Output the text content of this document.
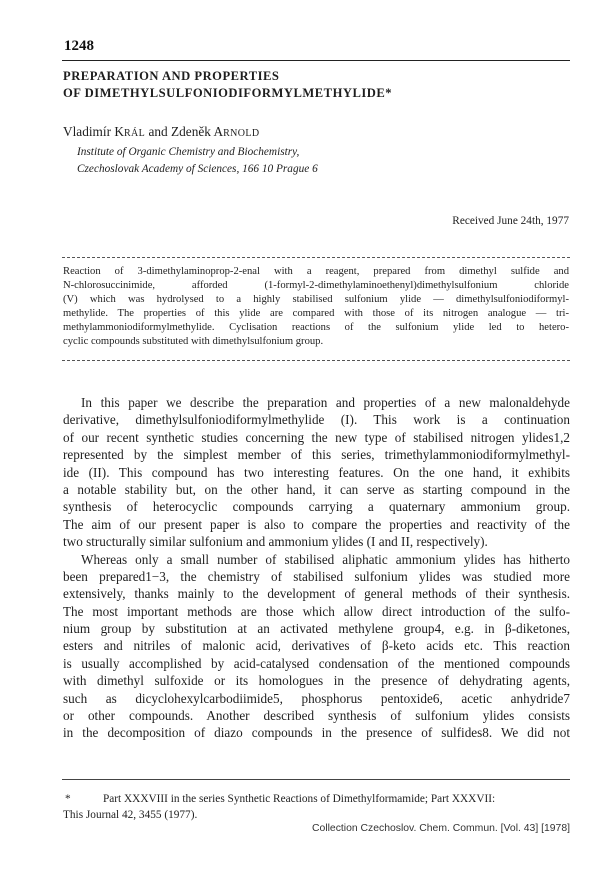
1248
PREPARATION AND PROPERTIES
OF DIMETHYLSULFONIODIFORMYLMETHYLIDE*
Vladimír KRÁL and Zdeněk ARNOLD
Institute of Organic Chemistry and Biochemistry,
Czechoslovak Academy of Sciences, 166 10 Prague 6
Received June 24th, 1977
Reaction of 3-dimethylaminoprop-2-enal with a reagent, prepared from dimethyl sulfide and
N-chlorosuccinimide, afforded (1-formyl-2-dimethylaminoethenyl)dimethylsulfonium chloride
(V) which was hydrolysed to a highly stabilised sulfonium ylide — dimethylsulfoniodiformyl-
methylide. The properties of this ylide are compared with those of its nitrogen analogue — tri-
methylammoniodiformylmethylide. Cyclisation reactions of the sulfonium ylide led to hetero-
cyclic compounds substituted with dimethylsulfonium group.
In this paper we describe the preparation and properties of a new malonaldehyde
derivative, dimethylsulfoniodiformylmethylide (I). This work is a continuation
of our recent synthetic studies concerning the new type of stabilised nitrogen ylides1,2
represented by the simplest member of this series, trimethylammoniodiformylmethyl-
ide (II). This compound has two interesting features. On the one hand, it exhibits
a notable stability but, on the other hand, it can serve as starting compound in the
synthesis of heterocyclic compounds carrying a quaternary ammonium group.
The aim of our present paper is also to compare the properties and reactivity of the
two structurally similar sulfonium and ammonium ylides (I and II, respectively).
Whereas only a small number of stabilised aliphatic ammonium ylides has hitherto
been prepared1−3, the chemistry of stabilised sulfonium ylides was studied more
extensively, thanks mainly to the development of general methods of their synthesis.
The most important methods are those which allow direct introduction of the sulfo-
nium group by substitution at an activated methylene group4, e.g. in β-diketones,
esters and nitriles of malonic acid, derivatives of β-keto acids etc. This reaction
is usually accomplished by acid-catalysed condensation of the mentioned compounds
with dimethyl sulfoxide or its homologues in the presence of dehydrating agents,
such as dicyclohexylcarbodiimide5, phosphorus pentoxide6, acetic anhydride7
or other compounds. Another described synthesis of sulfonium ylides consists
in the decomposition of diazo compounds in the presence of sulfides8. We did not
*	Part XXXVIII in the series Synthetic Reactions of Dimethylformamide; Part XXXVII:
This Journal 42, 3455 (1977).
Collection Czechoslov. Chem. Commun. [Vol. 43] [1978]
